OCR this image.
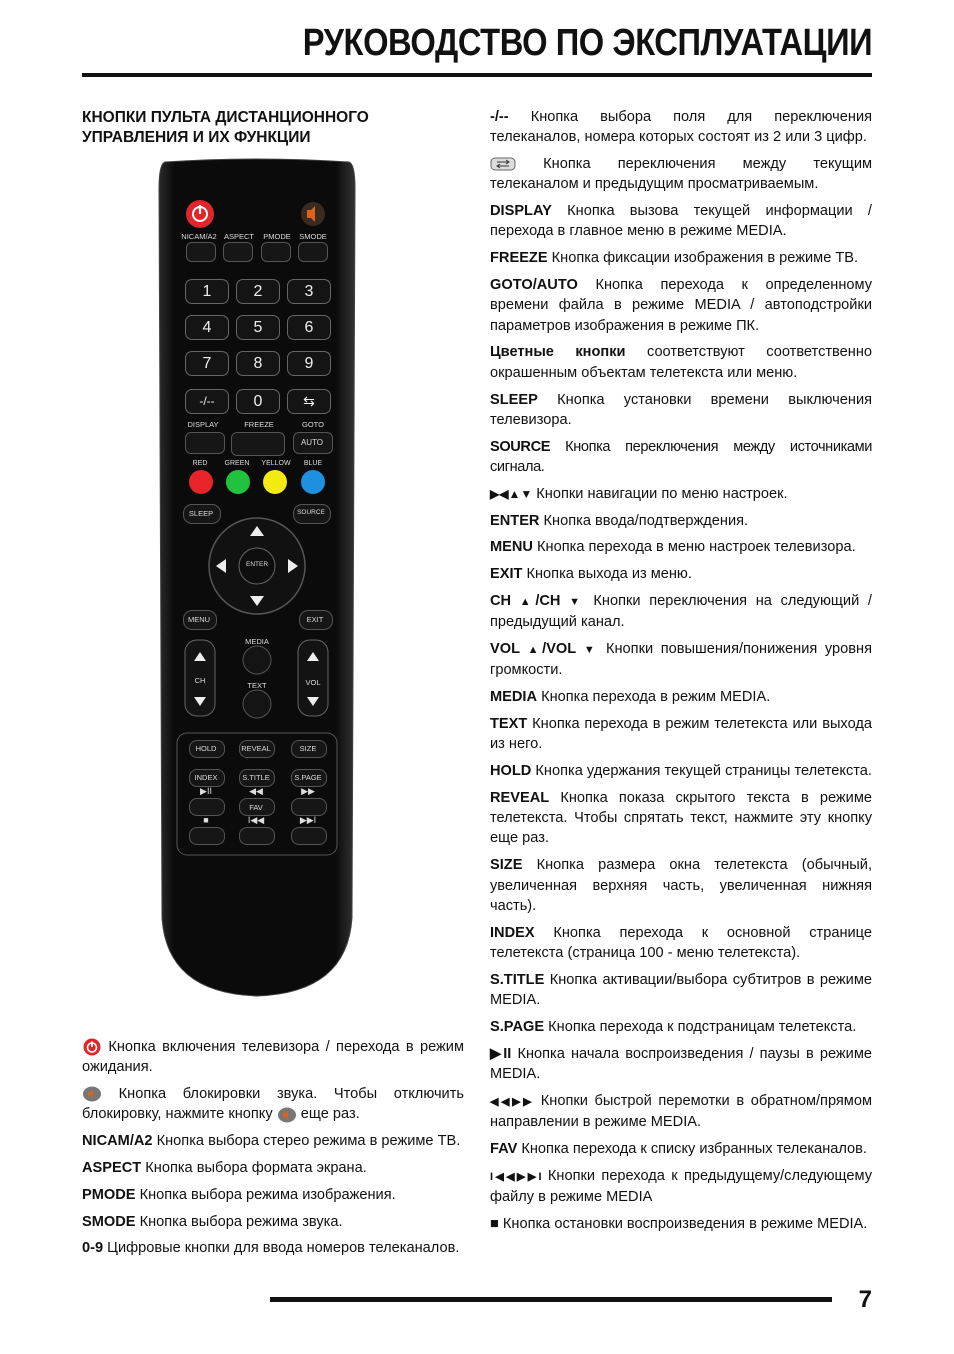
РУКОВОДСТВО ПО ЭКСПЛУАТАЦИИ
КНОПКИ ПУЛЬТА ДИСТАНЦИОННОГО УПРАВЛЕНИЯ И ИХ ФУНКЦИИ
NICAM/A2 ASPECT	PMODE	SMODE
1	2	3
4	5	6
7	8	9
-/--	0	⇆
DISPLAY	FREEZE	GOTO
AUTO
RED	GREEN	YELLOW	BLUE
SLEEP	SOURCE
ENTER
MENU	EXIT
MEDIA
CH
TEXT	VOL
HOLD	REVEAL	SIZE
INDEX	S.TITLE	S.PAGE
▶II	◀◀	▶▶
FAV
■	I◀◀	▶▶I

Кнопка включения телевизора / перехода в режим ожидания.

Кнопка блокировки звука. Чтобы отключить блокировку, нажмите кнопку еще раз.

NICAM/A2 Кнопка выбора стерео режима в режиме ТВ.

ASPECT Кнопка выбора формата экрана.

PMODE Кнопка выбора режима изображения.

SMODE Кнопка выбора режима звука.

0-9 Цифровые кнопки для ввода номеров телеканалов.

-/-- Кнопка выбора поля для переключения телеканалов, номера которых состоят из 2 или 3 цифр.

Кнопка переключения между текущим телеканалом и предыдущим просматриваемым.

DISPLAY Кнопка вызова текущей информации / перехода в главное меню в режиме MEDIA.

FREEZE Кнопка фиксации изображения в режиме ТВ.

GOTO/AUTO Кнопка перехода к определенному времени файла в режиме MEDIA / автоподстройки параметров изображения в режиме ПК.

Цветные кнопки соответствуют соответственно окрашенным объектам телетекста или меню.

SLEEP Кнопка установки времени выключения телевизора.

SOURCE Кнопка переключения между источниками сигнала.

▶◀▲▼ Кнопки навигации по меню настроек.

ENTER Кнопка ввода/подтверждения.

MENU Кнопка перехода в меню настроек телевизора.

EXIT Кнопка выхода из меню.

CH ▲/CH ▼ Кнопки переключения на следующий / предыдущий канал.

VOL ▲/VOL ▼ Кнопки повышения/понижения уровня громкости.

MEDIA Кнопка перехода в режим MEDIA.

TEXT Кнопка перехода в режим телетекста или выхода из него.

HOLD Кнопка удержания текущей страницы телетекста.

REVEAL Кнопка показа скрытого текста в режиме телетекста. Чтобы спрятать текст, нажмите эту кнопку еще раз.

SIZE Кнопка размера окна телетекста (обычный, увеличенная верхняя часть, увеличенная нижняя часть).

INDEX Кнопка перехода к основной странице телетекста (страница 100 - меню телетекста).

S.TITLE Кнопка активации/выбора субтитров в режиме MEDIA.

S.PAGE Кнопка перехода к подстраницам телетекста.

▶II Кнопка начала воспроизведения / паузы в режиме MEDIA.

◀◀▶▶ Кнопки быстрой перемотки в обратном/прямом направлении в режиме MEDIA.

FAV Кнопка перехода к списку избранных телеканалов.

I◀◀▶▶I Кнопки перехода к предыдущему/следующему файлу в режиме MEDIA

■ Кнопка остановки воспроизведения в режиме MEDIA.

7
